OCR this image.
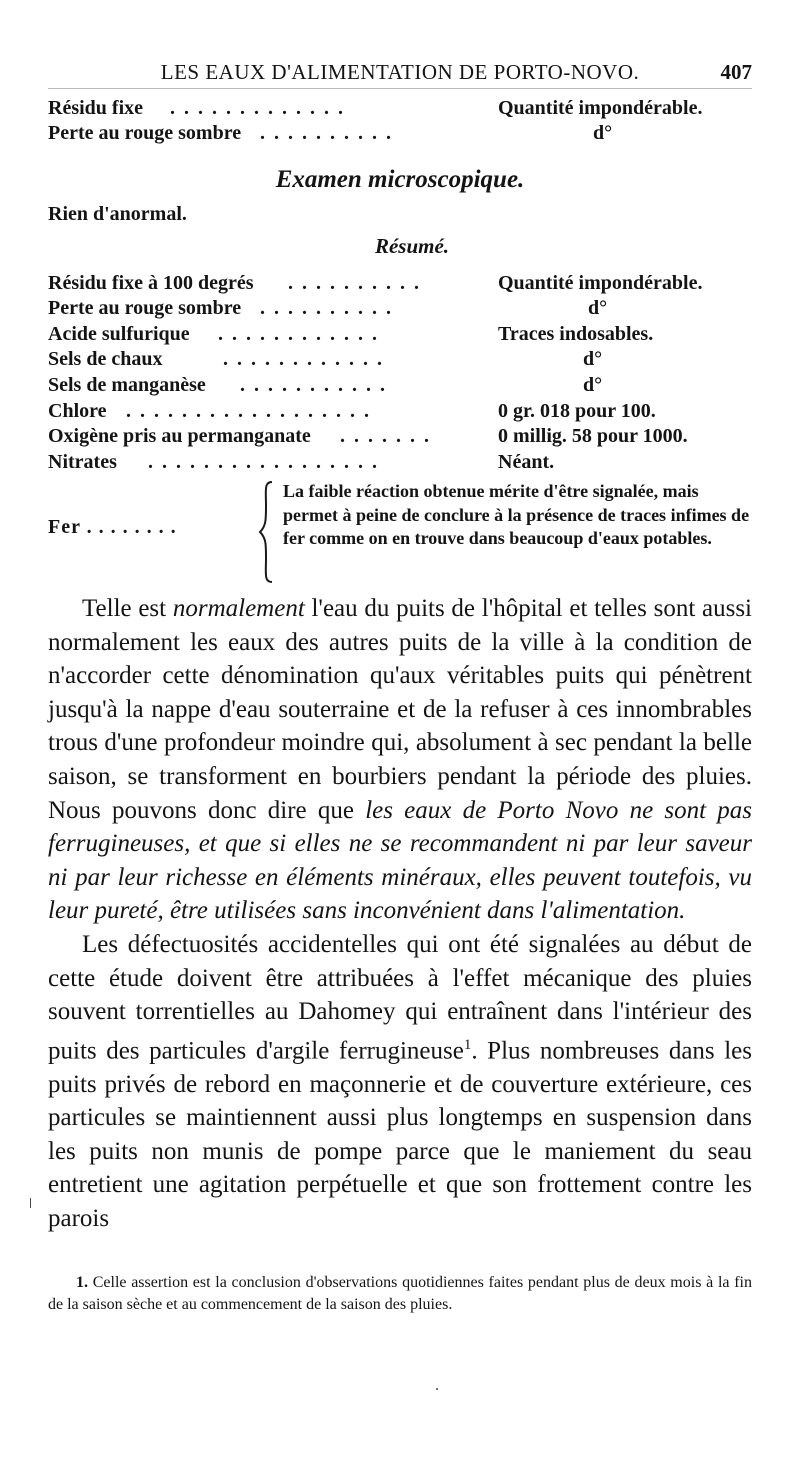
LES EAUX D'ALIMENTATION DE PORTO-NOVO.	407
Résidu fixe	. . . . . . . . . . . . .	Quantité impondérable.
Perte au rouge sombre . . . . . . . . . .	d°
Examen microscopique.
Rien d'anormal.
Résumé.
Résidu fixe à 100 degrés	. . . . . . . . . .	Quantité impondérable.
Perte au rouge sombre . . . . . . . . . .	d°
Acide sulfurique	. . . . . . . . . . . .	Traces indosables.
Sels de chaux	. . . . . . . . . . . .	d°
Sels de manganèse	. . . . . . . . . . .	d°
Chlore . . . . . . . . . . . . . . . . . .	0 gr. 018 pour 100.
Oxigène pris au permanganate	. . . . . . .	0 millig. 58 pour 1000.
Nitrates	. . . . . . . . . . . . . . . . .	Néant.
Fer . . . . . . . .
La faible réaction obtenue mérite d'être signalée, mais permet à peine de conclure à la présence de traces infimes de fer comme on en trouve dans beaucoup d'eaux potables.

Telle est normalement l'eau du puits de l'hôpital et telles sont aussi normalement les eaux des autres puits de la ville à la condition de n'accorder cette dénomination qu'aux véritables puits qui pénètrent jusqu'à la nappe d'eau souterraine et de la refuser à ces innombrables trous d'une profondeur moindre qui, absolument à sec pendant la belle saison, se transforment en bourbiers pendant la période des pluies. Nous pouvons donc dire que les eaux de Porto Novo ne sont pas ferrugineuses, et que si elles ne se recommandent ni par leur saveur ni par leur richesse en éléments minéraux, elles peuvent toutefois, vu leur pureté, être utilisées sans inconvénient dans l'alimentation.

Les défectuosités accidentelles qui ont été signalées au début de cette étude doivent être attribuées à l'effet mécanique des pluies souvent torrentielles au Dahomey qui entraînent dans l'intérieur des puits des particules d'argile ferrugineuse$^1$. Plus nombreuses dans les puits privés de rebord en maçonnerie et de couverture extérieure, ces particules se maintiennent aussi plus longtemps en suspension dans les puits non munis de pompe parce que le maniement du seau entretient une agitation perpétuelle et que son frottement contre les parois

1. Celle assertion est la conclusion d'observations quotidiennes faites pendant plus de deux mois à la fin de la saison sèche et au commencement de la saison des pluies.
